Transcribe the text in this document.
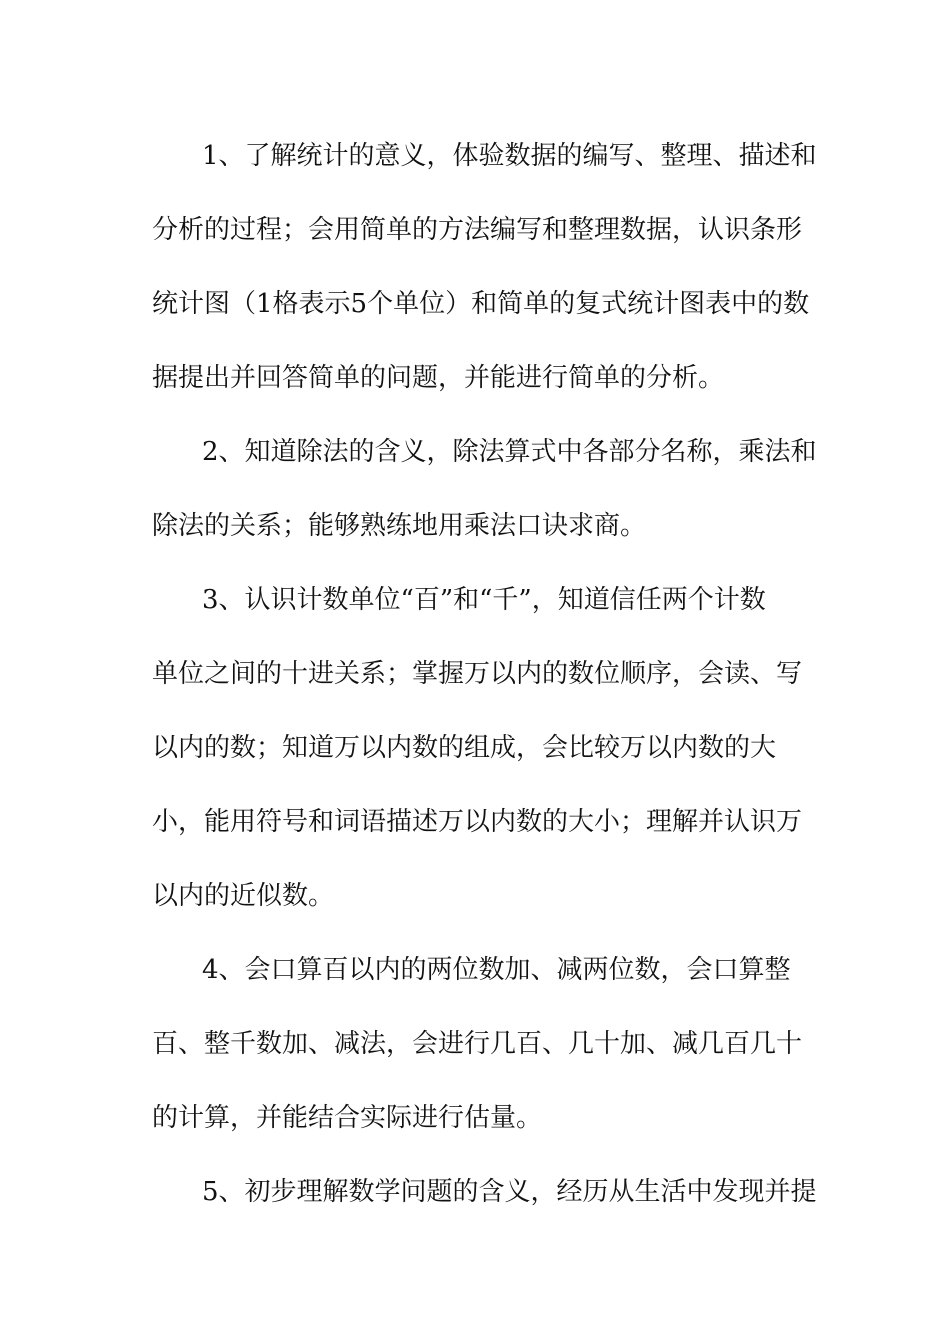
1、了解统计的意义，体验数据的编写、整理、描述和
分析的过程；会用简单的方法编写和整理数据，认识条形
统计图（1格表示5个单位）和简单的复式统计图表中的数
据提出并回答简单的问题，并能进行简单的分析。
2、知道除法的含义，除法算式中各部分名称，乘法和
除法的关系；能够熟练地用乘法口诀求商。
3、认识计数单位“百”和“千”，知道信任两个计数
单位之间的十进关系；掌握万以内的数位顺序，会读、写
以内的数；知道万以内数的组成，会比较万以内数的大
小，能用符号和词语描述万以内数的大小；理解并认识万
以内的近似数。
4、会口算百以内的两位数加、减两位数，会口算整
百、整千数加、减法，会进行几百、几十加、减几百几十
的计算，并能结合实际进行估量。
5、初步理解数学问题的含义，经历从生活中发现并提
